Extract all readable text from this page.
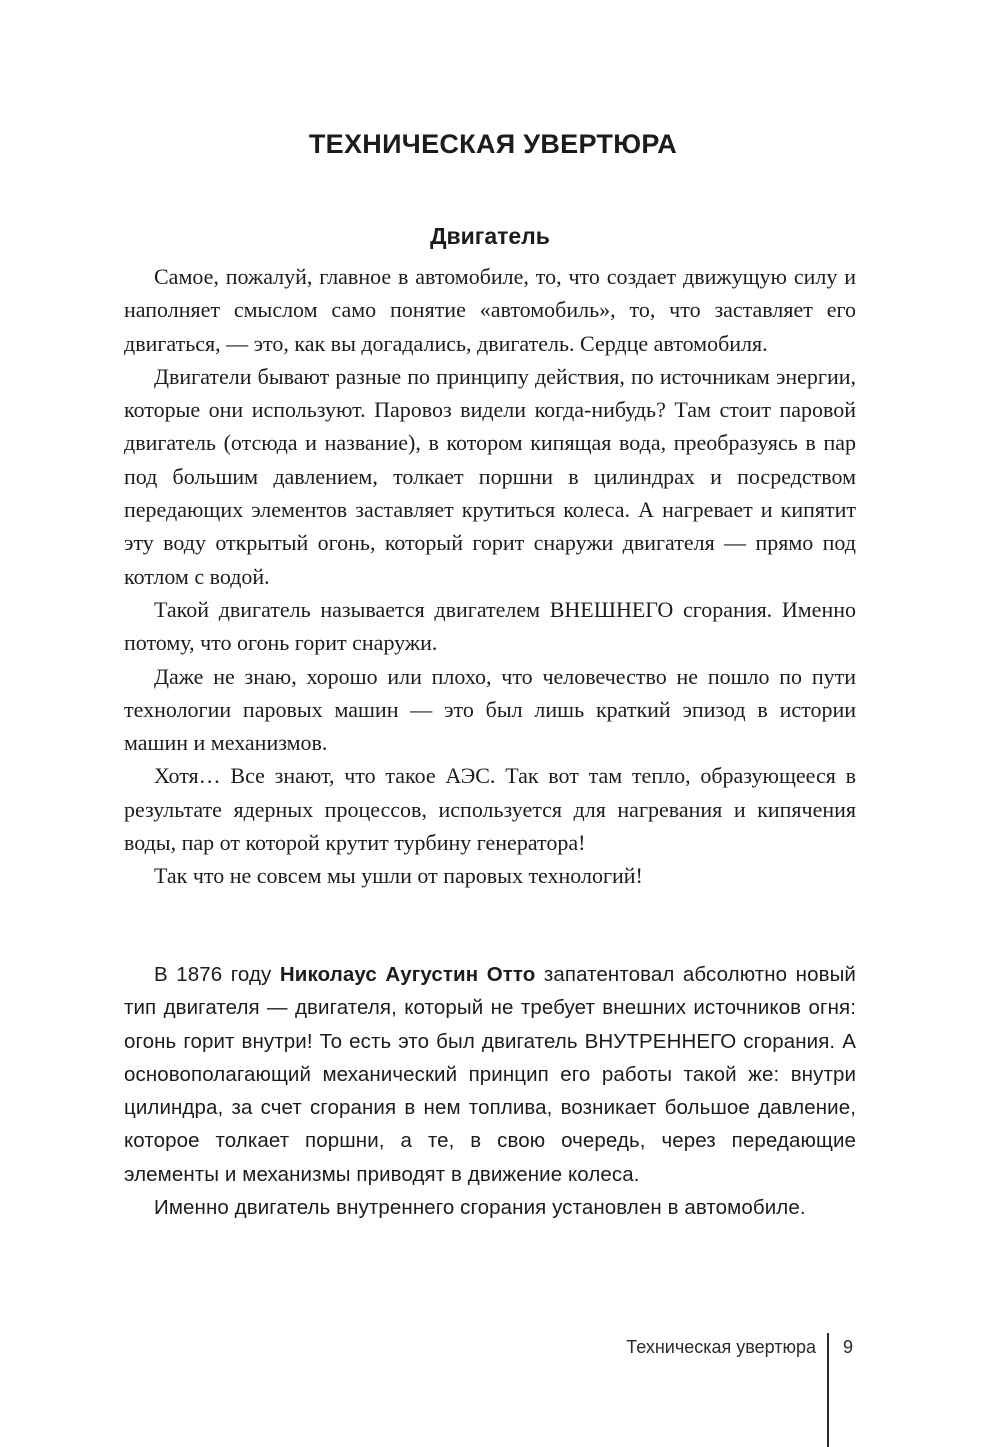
ТЕХНИЧЕСКАЯ УВЕРТЮРА
Двигатель

Самое, пожалуй, главное в автомобиле, то, что создает движущую силу и наполняет смыслом само понятие «автомобиль», то, что заставляет его двигаться, — это, как вы догадались, двигатель. Сердце автомобиля.

Двигатели бывают разные по принципу действия, по источникам энергии, которые они используют. Паровоз видели когда-нибудь? Там стоит паровой двигатель (отсюда и название), в котором кипящая вода, преобразуясь в пар под большим давлением, толкает поршни в цилиндрах и посредством передающих элементов заставляет крутиться колеса. А нагревает и кипятит эту воду открытый огонь, который горит снаружи двигателя — прямо под котлом с водой.

Такой двигатель называется двигателем ВНЕШНЕГО сгорания. Именно потому, что огонь горит снаружи.

Даже не знаю, хорошо или плохо, что человечество не пошло по пути технологии паровых машин — это был лишь краткий эпизод в истории машин и механизмов.

Хотя… Все знают, что такое АЭС. Так вот там тепло, образующееся в результате ядерных процессов, используется для нагревания и кипячения воды, пар от которой крутит турбину генератора!

Так что не совсем мы ушли от паровых технологий!

В 1876 году Николаус Аугустин Отто запатентовал абсолютно новый тип двигателя — двигателя, который не требует внешних источников огня: огонь горит внутри! То есть это был двигатель ВНУТРЕННЕГО сгорания. А основополагающий механический принцип его работы такой же: внутри цилиндра, за счет сгорания в нем топлива, возникает большое давление, которое толкает поршни, а те, в свою очередь, через передающие элементы и механизмы приводят в движение колеса.

Именно двигатель внутреннего сгорания установлен в автомобиле.

Техническая увертюра 9
